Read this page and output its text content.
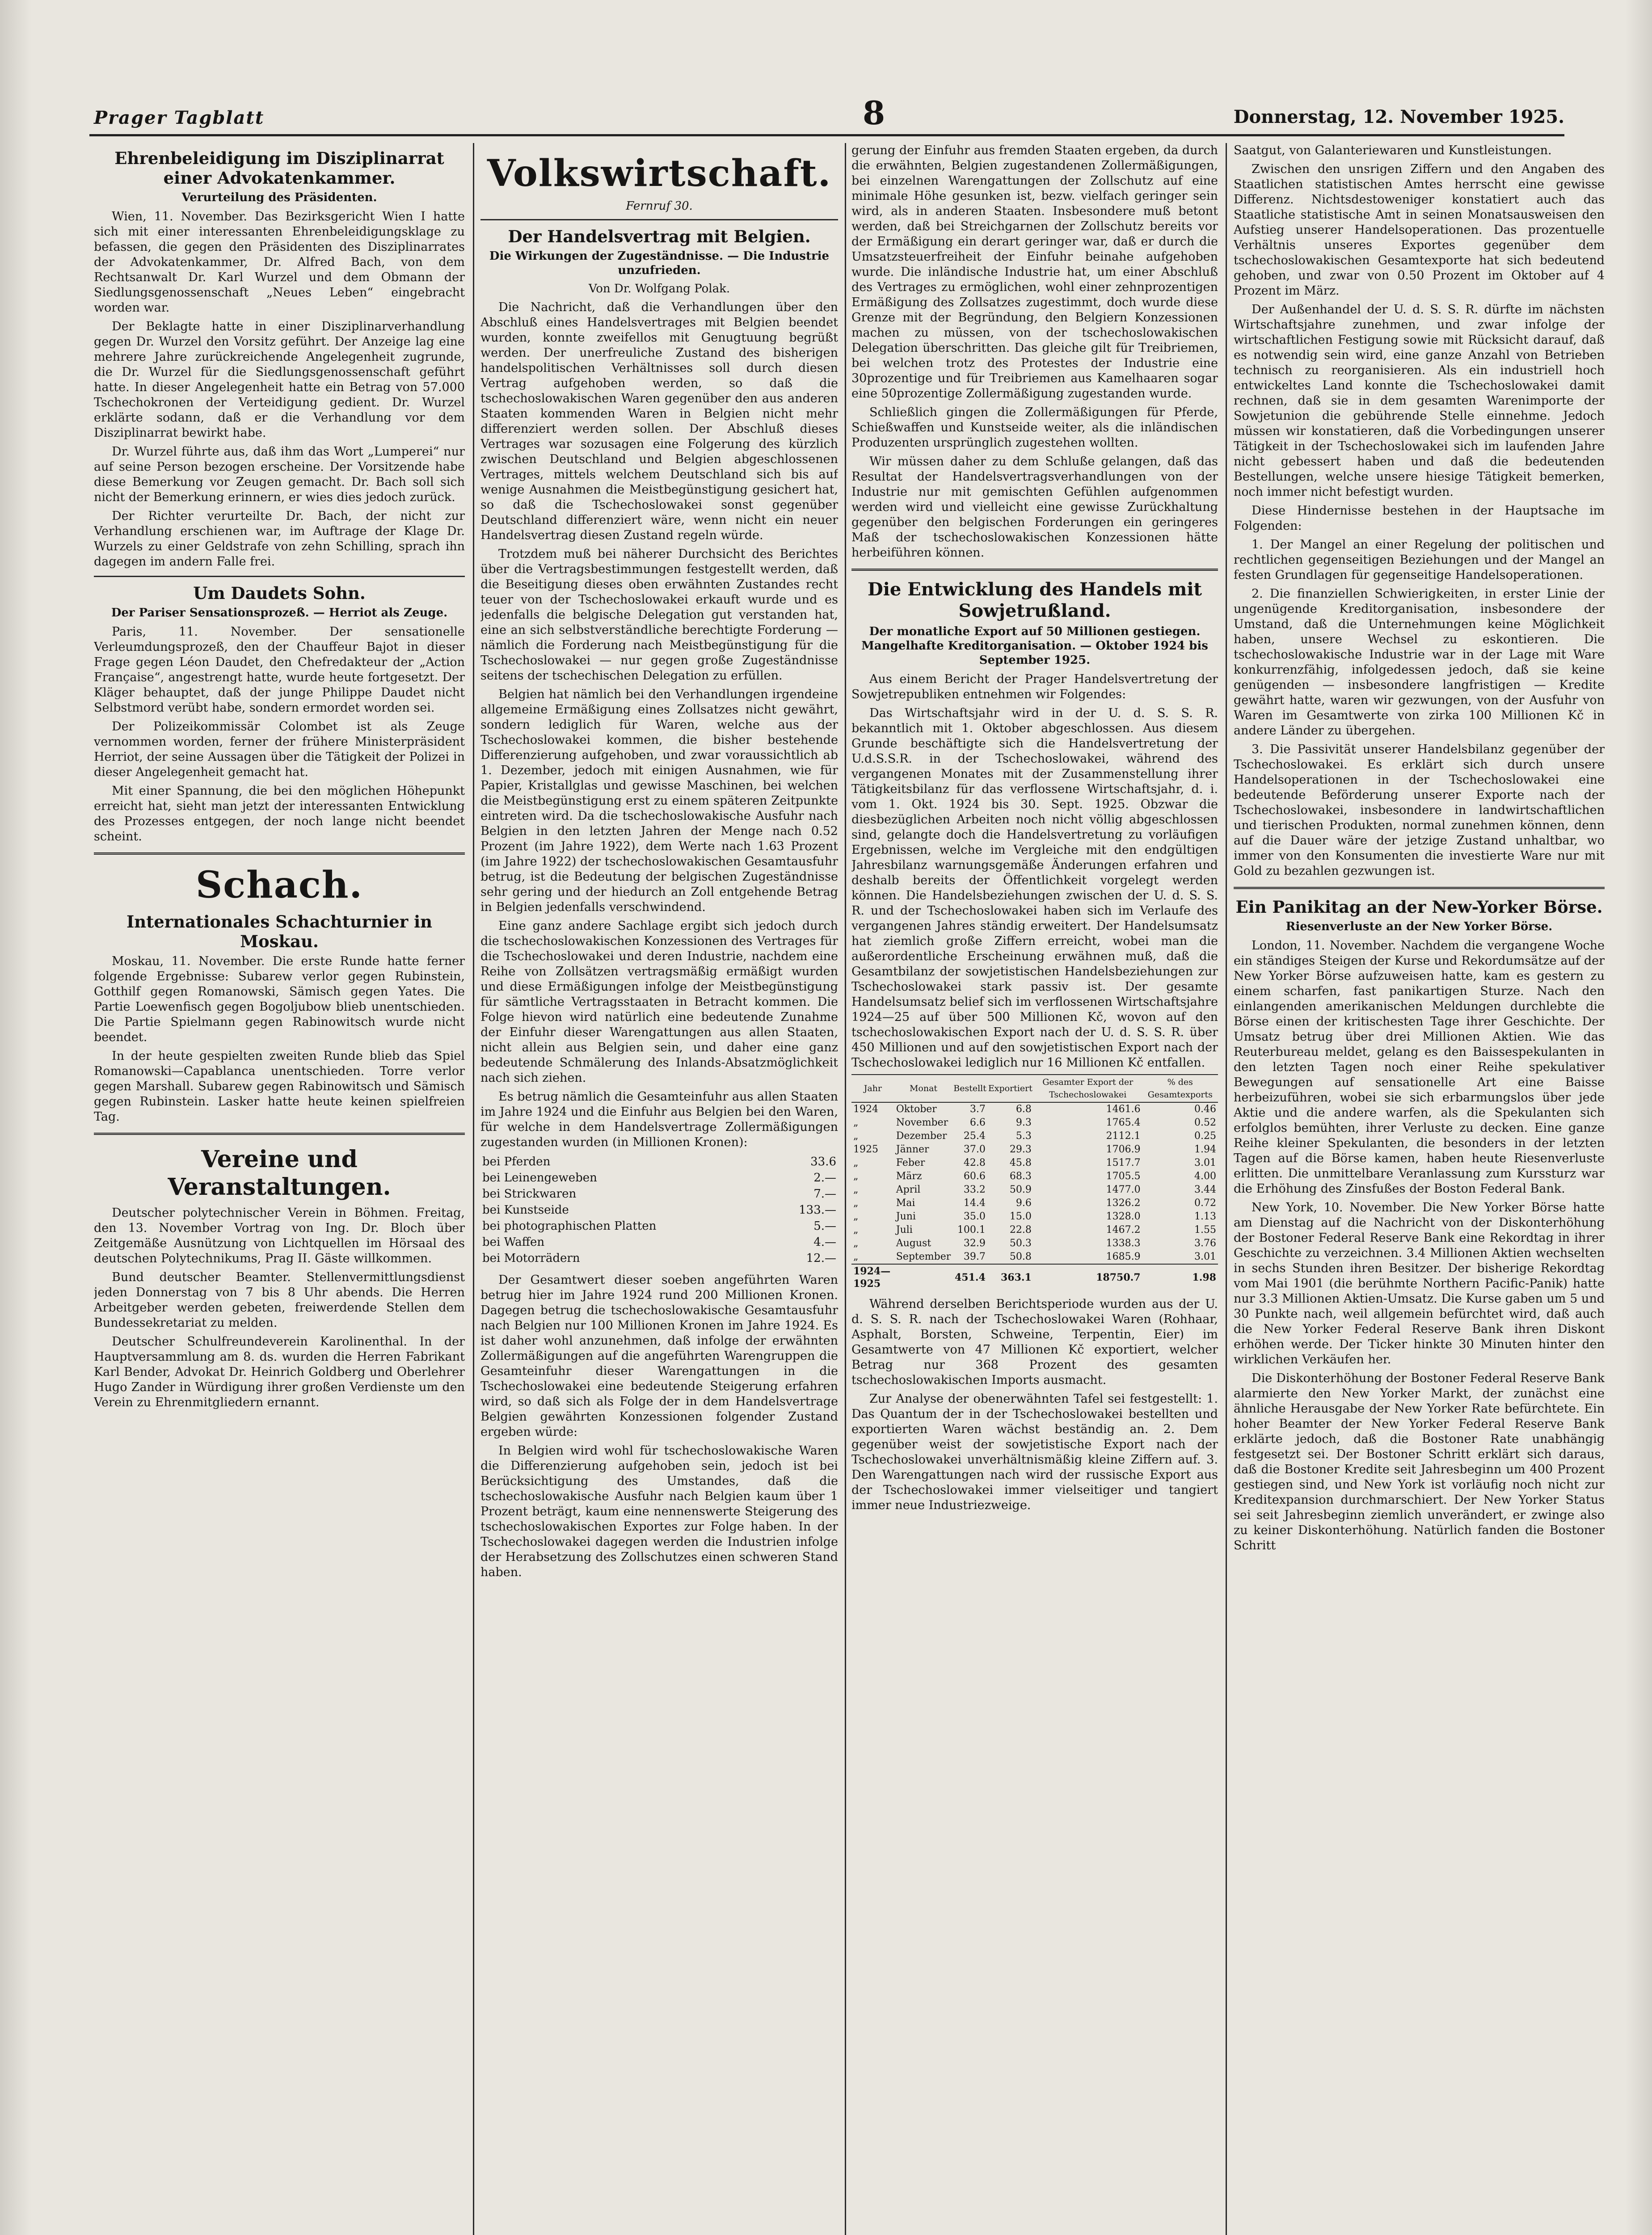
Prager Tagblatt	8	Donnerstag, 12. November 1925.
Ehrenbeleidigung im Disziplinarrat einer Advokatenkammer.
Verurteilung des Präsidenten.

Wien, 11. November. Das Bezirksgericht Wien I hatte sich mit einer interessanten Ehrenbeleidigungsklage zu befassen, die gegen den Präsidenten des Disziplinarrates der Advokatenkammer, Dr. Alfred Bach, von dem Rechtsanwalt Dr. Karl Wurzel und dem Obmann der Siedlungsgenossenschaft „Neues Leben“ eingebracht worden war.

Der Beklagte hatte in einer Disziplinarverhandlung gegen Dr. Wurzel den Vorsitz geführt. Der Anzeige lag eine mehrere Jahre zurückreichende Angelegenheit zugrunde, die Dr. Wurzel für die Siedlungsgenossenschaft geführt hatte. In dieser Angelegenheit hatte ein Betrag von 57.000 Tschechokronen der Verteidigung gedient. Dr. Wurzel erklärte sodann, daß er die Verhandlung vor dem Disziplinarrat bewirkt habe.

Dr. Wurzel führte aus, daß ihm das Wort „Lumperei“ nur auf seine Person bezogen erscheine. Der Vorsitzende habe diese Bemerkung vor Zeugen gemacht. Dr. Bach soll sich nicht der Bemerkung erinnern, er wies dies jedoch zurück.

Der Richter verurteilte Dr. Bach, der nicht zur Verhandlung erschienen war, im Auftrage der Klage Dr. Wurzels zu einer Geldstrafe von zehn Schilling, sprach ihn dagegen im andern Falle frei.

Um Daudets Sohn.
Der Pariser Sensationsprozeß. — Herriot als Zeuge.

Paris, 11. November. Der sensationelle Verleumdungsprozeß, den der Chauffeur Bajot in dieser Frage gegen Léon Daudet, den Chefredakteur der „Action Française“, angestrengt hatte, wurde heute fortgesetzt. Der Kläger behauptet, daß der junge Philippe Daudet nicht Selbstmord verübt habe, sondern ermordet worden sei.

Der Polizeikommissär Colombet ist als Zeuge vernommen worden, ferner der frühere Ministerpräsident Herriot, der seine Aussagen über die Tätigkeit der Polizei in dieser Angelegenheit gemacht hat.

Mit einer Spannung, die bei den möglichen Höhepunkt erreicht hat, sieht man jetzt der interessanten Entwicklung des Prozesses entgegen, der noch lange nicht beendet scheint.

Schach.
Internationales Schachturnier in Moskau.

Moskau, 11. November. Die erste Runde hatte ferner folgende Ergebnisse: Subarew verlor gegen Rubinstein, Gotthilf gegen Romanowski, Sämisch gegen Yates. Die Partie Loewenfisch gegen Bogoljubow blieb unentschieden. Die Partie Spielmann gegen Rabinowitsch wurde nicht beendet.

In der heute gespielten zweiten Runde blieb das Spiel Romanowski—Capablanca unentschieden. Torre verlor gegen Marshall. Subarew gegen Rabinowitsch und Sämisch gegen Rubinstein. Lasker hatte heute keinen spielfreien Tag.

Vereine und Veranstaltungen.

Deutscher polytechnischer Verein in Böhmen. Freitag, den 13. November Vortrag von Ing. Dr. Bloch über Zeitgemäße Ausnützung von Lichtquellen im Hörsaal des deutschen Polytechnikums, Prag II. Gäste willkommen.

Bund deutscher Beamter. Stellenvermittlungsdienst jeden Donnerstag von 7 bis 8 Uhr abends. Die Herren Arbeitgeber werden gebeten, freiwerdende Stellen dem Bundessekretariat zu melden.

Deutscher Schulfreundeverein Karolinenthal. In der Hauptversammlung am 8. ds. wurden die Herren Fabrikant Karl Bender, Advokat Dr. Heinrich Goldberg und Oberlehrer Hugo Zander in Würdigung ihrer großen Verdienste um den Verein zu Ehrenmitgliedern ernannt.

Volkswirtschaft.
Fernruf 30.
Der Handelsvertrag mit Belgien.
Die Wirkungen der Zugeständnisse. — Die Industrie unzufrieden.
Von Dr. Wolfgang Polak.

Die Nachricht, daß die Verhandlungen über den Abschluß eines Handelsvertrages mit Belgien beendet wurden, konnte zweifellos mit Genugtuung begrüßt werden. Der unerfreuliche Zustand des bisherigen handelspolitischen Verhältnisses soll durch diesen Vertrag aufgehoben werden, so daß die tschechoslowakischen Waren gegenüber den aus anderen Staaten kommenden Waren in Belgien nicht mehr differenziert werden sollen. Der Abschluß dieses Vertrages war sozusagen eine Folgerung des kürzlich zwischen Deutschland und Belgien abgeschlossenen Vertrages, mittels welchem Deutschland sich bis auf wenige Ausnahmen die Meistbegünstigung gesichert hat, so daß die Tschechoslowakei sonst gegenüber Deutschland differenziert wäre, wenn nicht ein neuer Handelsvertrag diesen Zustand regeln würde.

Trotzdem muß bei näherer Durchsicht des Berichtes über die Vertragsbestimmungen festgestellt werden, daß die Beseitigung dieses oben erwähnten Zustandes recht teuer von der Tschechoslowakei erkauft wurde und es jedenfalls die belgische Delegation gut verstanden hat, eine an sich selbstverständliche berechtigte Forderung — nämlich die Forderung nach Meistbegünstigung für die Tschechoslowakei — nur gegen große Zugeständnisse seitens der tschechischen Delegation zu erfüllen.

Belgien hat nämlich bei den Verhandlungen irgendeine allgemeine Ermäßigung eines Zollsatzes nicht gewährt, sondern lediglich für Waren, welche aus der Tschechoslowakei kommen, die bisher bestehende Differenzierung aufgehoben, und zwar voraussichtlich ab 1. Dezember, jedoch mit einigen Ausnahmen, wie für Papier, Kristallglas und gewisse Maschinen, bei welchen die Meistbegünstigung erst zu einem späteren Zeitpunkte eintreten wird. Da die tschechoslowakische Ausfuhr nach Belgien in den letzten Jahren der Menge nach 0.52 Prozent (im Jahre 1922), dem Werte nach 1.63 Prozent (im Jahre 1922) der tschechoslowakischen Gesamtausfuhr betrug, ist die Bedeutung der belgischen Zugeständnisse sehr gering und der hiedurch an Zoll entgehende Betrag in Belgien jedenfalls verschwindend.

Eine ganz andere Sachlage ergibt sich jedoch durch die tschechoslowakischen Konzessionen des Vertrages für die Tschechoslowakei und deren Industrie, nachdem eine Reihe von Zollsätzen vertragsmäßig ermäßigt wurden und diese Ermäßigungen infolge der Meistbegünstigung für sämtliche Vertragsstaaten in Betracht kommen. Die Folge hievon wird natürlich eine bedeutende Zunahme der Einfuhr dieser Warengattungen aus allen Staaten, nicht allein aus Belgien sein, und daher eine ganz bedeutende Schmälerung des Inlands-Absatzmöglichkeit nach sich ziehen.

Es betrug nämlich die Gesamteinfuhr aus allen Staaten im Jahre 1924 und die Einfuhr aus Belgien bei den Waren, für welche in dem Handelsvertrage Zollermäßigungen zugestanden wurden (in Millionen Kronen):

bei Pferden	33.6
bei Leinengeweben	2.—
bei Strickwaren	7.—
bei Kunstseide	133.—
bei photographischen Platten	5.—
bei Waffen	4.—
bei Motorrädern	12.—

Der Gesamtwert dieser soeben angeführten Waren betrug hier im Jahre 1924 rund 200 Millionen Kronen. Dagegen betrug die tschechoslowakische Gesamtausfuhr nach Belgien nur 100 Millionen Kronen im Jahre 1924. Es ist daher wohl anzunehmen, daß infolge der erwähnten Zollermäßigungen auf die angeführten Warengruppen die Gesamteinfuhr dieser Warengattungen in die Tschechoslowakei eine bedeutende Steigerung erfahren wird, so daß sich als Folge der in dem Handelsvertrage Belgien gewährten Konzessionen folgender Zustand ergeben würde:

In Belgien wird wohl für tschechoslowakische Waren die Differenzierung aufgehoben sein, jedoch ist bei Berücksichtigung des Umstandes, daß die tschechoslowakische Ausfuhr nach Belgien kaum über 1 Prozent beträgt, kaum eine nennenswerte Steigerung des tschechoslowakischen Exportes zur Folge haben. In der Tschechoslowakei dagegen werden die Industrien infolge der Herabsetzung des Zollschutzes einen schweren Stand haben.

gerung der Einfuhr aus fremden Staaten ergeben, da durch die erwähnten, Belgien zugestandenen Zollermäßigungen, bei einzelnen Warengattungen der Zollschutz auf eine minimale Höhe gesunken ist, bezw. vielfach geringer sein wird, als in anderen Staaten. Insbesondere muß betont werden, daß bei Streichgarnen der Zollschutz bereits vor der Ermäßigung ein derart geringer war, daß er durch die Umsatzsteuerfreiheit der Einfuhr beinahe aufgehoben wurde. Die inländische Industrie hat, um einer Abschluß des Vertrages zu ermöglichen, wohl einer zehnprozentigen Ermäßigung des Zollsatzes zugestimmt, doch wurde diese Grenze mit der Begründung, den Belgiern Konzessionen machen zu müssen, von der tschechoslowakischen Delegation überschritten. Das gleiche gilt für Treibriemen, bei welchen trotz des Protestes der Industrie eine 30prozentige und für Treibriemen aus Kamelhaaren sogar eine 50prozentige Zollermäßigung zugestanden wurde.

Schließlich gingen die Zollermäßigungen für Pferde, Schießwaffen und Kunstseide weiter, als die inländischen Produzenten ursprünglich zugestehen wollten.

Wir müssen daher zu dem Schluße gelangen, daß das Resultat der Handelsvertragsverhandlungen von der Industrie nur mit gemischten Gefühlen aufgenommen werden wird und vielleicht eine gewisse Zurückhaltung gegenüber den belgischen Forderungen ein geringeres Maß der tschechoslowakischen Konzessionen hätte herbeiführen können.

Die Entwicklung des Handels mit Sowjetrußland.
Der monatliche Export auf 50 Millionen gestiegen. Mangelhafte Kreditorganisation. — Oktober 1924 bis September 1925.

Aus einem Bericht der Prager Handelsvertretung der Sowjetrepubliken entnehmen wir Folgendes:

Das Wirtschaftsjahr wird in der U. d. S. S. R. bekanntlich mit 1. Oktober abgeschlossen. Aus diesem Grunde beschäftigte sich die Handelsvertretung der U.d.S.S.R. in der Tschechoslowakei, während des vergangenen Monates mit der Zusammenstellung ihrer Tätigkeitsbilanz für das verflossene Wirtschaftsjahr, d. i. vom 1. Okt. 1924 bis 30. Sept. 1925. Obzwar die diesbezüglichen Arbeiten noch nicht völlig abgeschlossen sind, gelangte doch die Handelsvertretung zu vorläufigen Ergebnissen, welche im Vergleiche mit den endgültigen Jahresbilanz warnungsgemäße Änderungen erfahren und deshalb bereits der Öffentlichkeit vorgelegt werden können. Die Handelsbeziehungen zwischen der U. d. S. S. R. und der Tschechoslowakei haben sich im Verlaufe des vergangenen Jahres ständig erweitert. Der Handelsumsatz hat ziemlich große Ziffern erreicht, wobei man die außerordentliche Erscheinung erwähnen muß, daß die Gesamtbilanz der sowjetistischen Handelsbeziehungen zur Tschechoslowakei stark passiv ist. Der gesamte Handelsumsatz belief sich im verflossenen Wirtschaftsjahre 1924—25 auf über 500 Millionen Kč, wovon auf den tschechoslowakischen Export nach der U. d. S. S. R. über 450 Millionen und auf den sowjetistischen Export nach der Tschechoslowakei lediglich nur 16 Millionen Kč entfallen.

Jahr	Monat	Bestellt	Exportiert	Gesamter Export der Tschechoslowakei	% des Gesamtexports
1924	Oktober	3.7	6.8	1461.6	0.46
„	November	6.6	9.3	1765.4	0.52
„	Dezember	25.4	5.3	2112.1	0.25
1925	Jänner	37.0	29.3	1706.9	1.94
„	Feber	42.8	45.8	1517.7	3.01
„	März	60.6	68.3	1705.5	4.00
„	April	33.2	50.9	1477.0	3.44
„	Mai	14.4	9.6	1326.2	0.72
„	Juni	35.0	15.0	1328.0	1.13
„	Juli	100.1	22.8	1467.2	1.55
„	August	32.9	50.3	1338.3	3.76
„	September	39.7	50.8	1685.9	3.01
1924—1925		451.4	363.1	18750.7	1.98

Während derselben Berichtsperiode wurden aus der U. d. S. S. R. nach der Tschechoslowakei Waren (Rohhaar, Asphalt, Borsten, Schweine, Terpentin, Eier) im Gesamtwerte von 47 Millionen Kč exportiert, welcher Betrag nur 368 Prozent des gesamten tschechoslowakischen Imports ausmacht.

Zur Analyse der obenerwähnten Tafel sei festgestellt: 1. Das Quantum der in der Tschechoslowakei bestellten und exportierten Waren wächst beständig an. 2. Dem gegenüber weist der sowjetistische Export nach der Tschechoslowakei unverhältnismäßig kleine Ziffern auf. 3. Den Warengattungen nach wird der russische Export aus der Tschechoslowakei immer vielseitiger und tangiert immer neue Industriezweige.

Saatgut, von Galanteriewaren und Kunstleistungen.

Zwischen den unsrigen Ziffern und den Angaben des Staatlichen statistischen Amtes herrscht eine gewisse Differenz. Nichtsdestoweniger konstatiert auch das Staatliche statistische Amt in seinen Monatsausweisen den Aufstieg unserer Handelsoperationen. Das prozentuelle Verhältnis unseres Exportes gegenüber dem tschechoslowakischen Gesamtexporte hat sich bedeutend gehoben, und zwar von 0.50 Prozent im Oktober auf 4 Prozent im März.

Der Außenhandel der U. d. S. S. R. dürfte im nächsten Wirtschaftsjahre zunehmen, und zwar infolge der wirtschaftlichen Festigung sowie mit Rücksicht darauf, daß es notwendig sein wird, eine ganze Anzahl von Betrieben technisch zu reorganisieren. Als ein industriell hoch entwickeltes Land konnte die Tschechoslowakei damit rechnen, daß sie in dem gesamten Warenimporte der Sowjetunion die gebührende Stelle einnehme. Jedoch müssen wir konstatieren, daß die Vorbedingungen unserer Tätigkeit in der Tschechoslowakei sich im laufenden Jahre nicht gebessert haben und daß die bedeutenden Bestellungen, welche unsere hiesige Tätigkeit bemerken, noch immer nicht befestigt wurden.

Diese Hindernisse bestehen in der Hauptsache im Folgenden:

1. Der Mangel an einer Regelung der politischen und rechtlichen gegenseitigen Beziehungen und der Mangel an festen Grundlagen für gegenseitige Handelsoperationen.

2. Die finanziellen Schwierigkeiten, in erster Linie der ungenügende Kreditorganisation, insbesondere der Umstand, daß die Unternehmungen keine Möglichkeit haben, unsere Wechsel zu eskontieren. Die tschechoslowakische Industrie war in der Lage mit Ware konkurrenzfähig, infolgedessen jedoch, daß sie keine genügenden — insbesondere langfristigen — Kredite gewährt hatte, waren wir gezwungen, von der Ausfuhr von Waren im Gesamtwerte von zirka 100 Millionen Kč in andere Länder zu übergehen.

3. Die Passivität unserer Handelsbilanz gegenüber der Tschechoslowakei. Es erklärt sich durch unsere Handelsoperationen in der Tschechoslowakei eine bedeutende Beförderung unserer Exporte nach der Tschechoslowakei, insbesondere in landwirtschaftlichen und tierischen Produkten, normal zunehmen können, denn auf die Dauer wäre der jetzige Zustand unhaltbar, wo immer von den Konsumenten die investierte Ware nur mit Gold zu bezahlen gezwungen ist.

Ein Panikitag an der New-Yorker Börse.
Riesenverluste an der New Yorker Börse.

London, 11. November. Nachdem die vergangene Woche ein ständiges Steigen der Kurse und Rekordumsätze auf der New Yorker Börse aufzuweisen hatte, kam es gestern zu einem scharfen, fast panikartigen Sturze. Nach den einlangenden amerikanischen Meldungen durchlebte die Börse einen der kritischesten Tage ihrer Geschichte. Der Umsatz betrug über drei Millionen Aktien. Wie das Reuterbureau meldet, gelang es den Baissespekulanten in den letzten Tagen noch einer Reihe spekulativer Bewegungen auf sensationelle Art eine Baisse herbeizuführen, wobei sie sich erbarmungslos über jede Aktie und die andere warfen, als die Spekulanten sich erfolglos bemühten, ihrer Verluste zu decken. Eine ganze Reihe kleiner Spekulanten, die besonders in der letzten Tagen auf die Börse kamen, haben heute Riesenverluste erlitten. Die unmittelbare Veranlassung zum Kurssturz war die Erhöhung des Zinsfußes der Boston Federal Bank.

New York, 10. November. Die New Yorker Börse hatte am Dienstag auf die Nachricht von der Diskonterhöhung der Bostoner Federal Reserve Bank eine Rekordtag in ihrer Geschichte zu verzeichnen. 3.4 Millionen Aktien wechselten in sechs Stunden ihren Besitzer. Der bisherige Rekordtag vom Mai 1901 (die berühmte Northern Pacific-Panik) hatte nur 3.3 Millionen Aktien-Umsatz. Die Kurse gaben um 5 und 30 Punkte nach, weil allgemein befürchtet wird, daß auch die New Yorker Federal Reserve Bank ihren Diskont erhöhen werde. Der Ticker hinkte 30 Minuten hinter den wirklichen Verkäufen her.

Die Diskonterhöhung der Bostoner Federal Reserve Bank alarmierte den New Yorker Markt, der zunächst eine ähnliche Herausgabe der New Yorker Rate befürchtete. Ein hoher Beamter der New Yorker Federal Reserve Bank erklärte jedoch, daß die Bostoner Rate unabhängig festgesetzt sei. Der Bostoner Schritt erklärt sich daraus, daß die Bostoner Kredite seit Jahresbeginn um 400 Prozent gestiegen sind, und New York ist vorläufig noch nicht zur Kreditexpansion durchmarschiert. Der New Yorker Status sei seit Jahresbeginn ziemlich unverändert, er zwinge also zu keiner Diskonterhöhung. Natürlich fanden die Bostoner Schritt
